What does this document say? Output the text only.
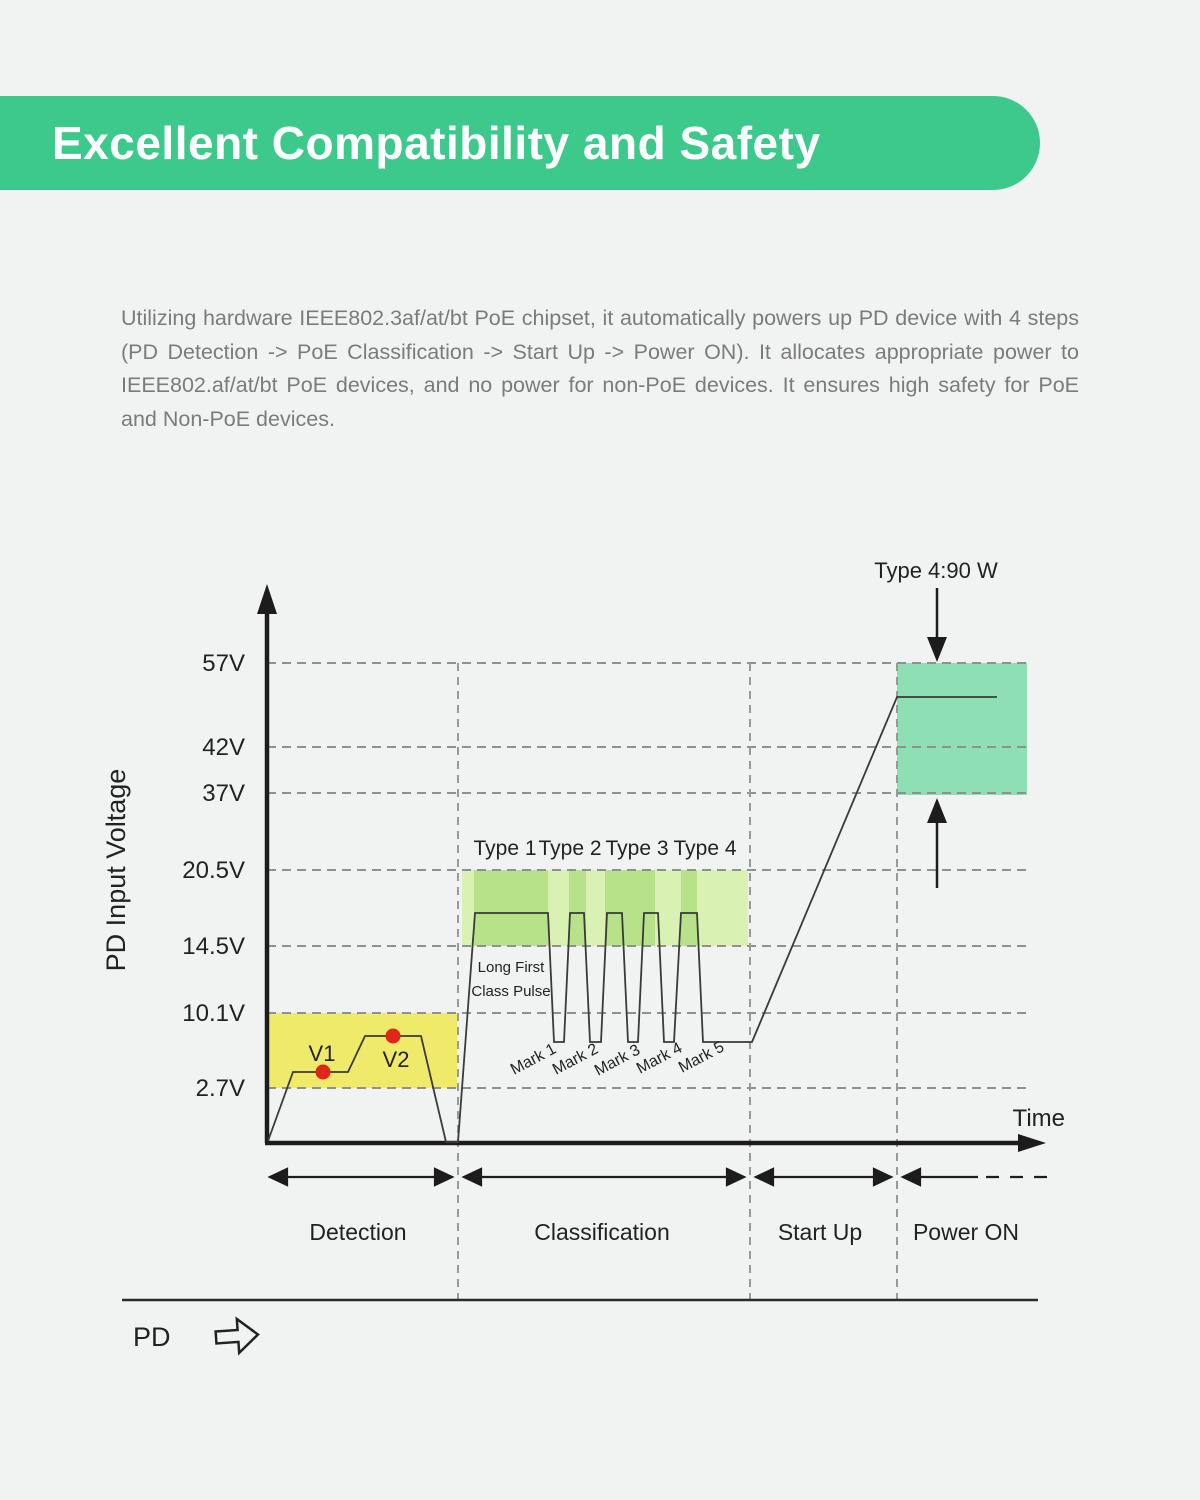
Excellent Compatibility and Safety
Utilizing hardware IEEE802.3af/at/bt PoE chipset, it automatically powers up PD device with 4 steps (PD Detection -> PoE Classification -> Start Up -> Power ON). It allocates appropriate power to IEEE802.af/at/bt PoE devices, and no power for non-PoE devices. It ensures high safety for PoE and Non-PoE devices.
V1 V2
Type 4:90 W
57V
42V
37V
20.5V
14.5V
10.1V
2.7V
PD Input Voltage
Time
Type 1 Type 2 Type 3 Type 4
Long First
Class Pulse
Mark 1
Mark 2
Mark 3
Mark 4
Mark 5
Detection	Classification	Start Up Power ON
PD
